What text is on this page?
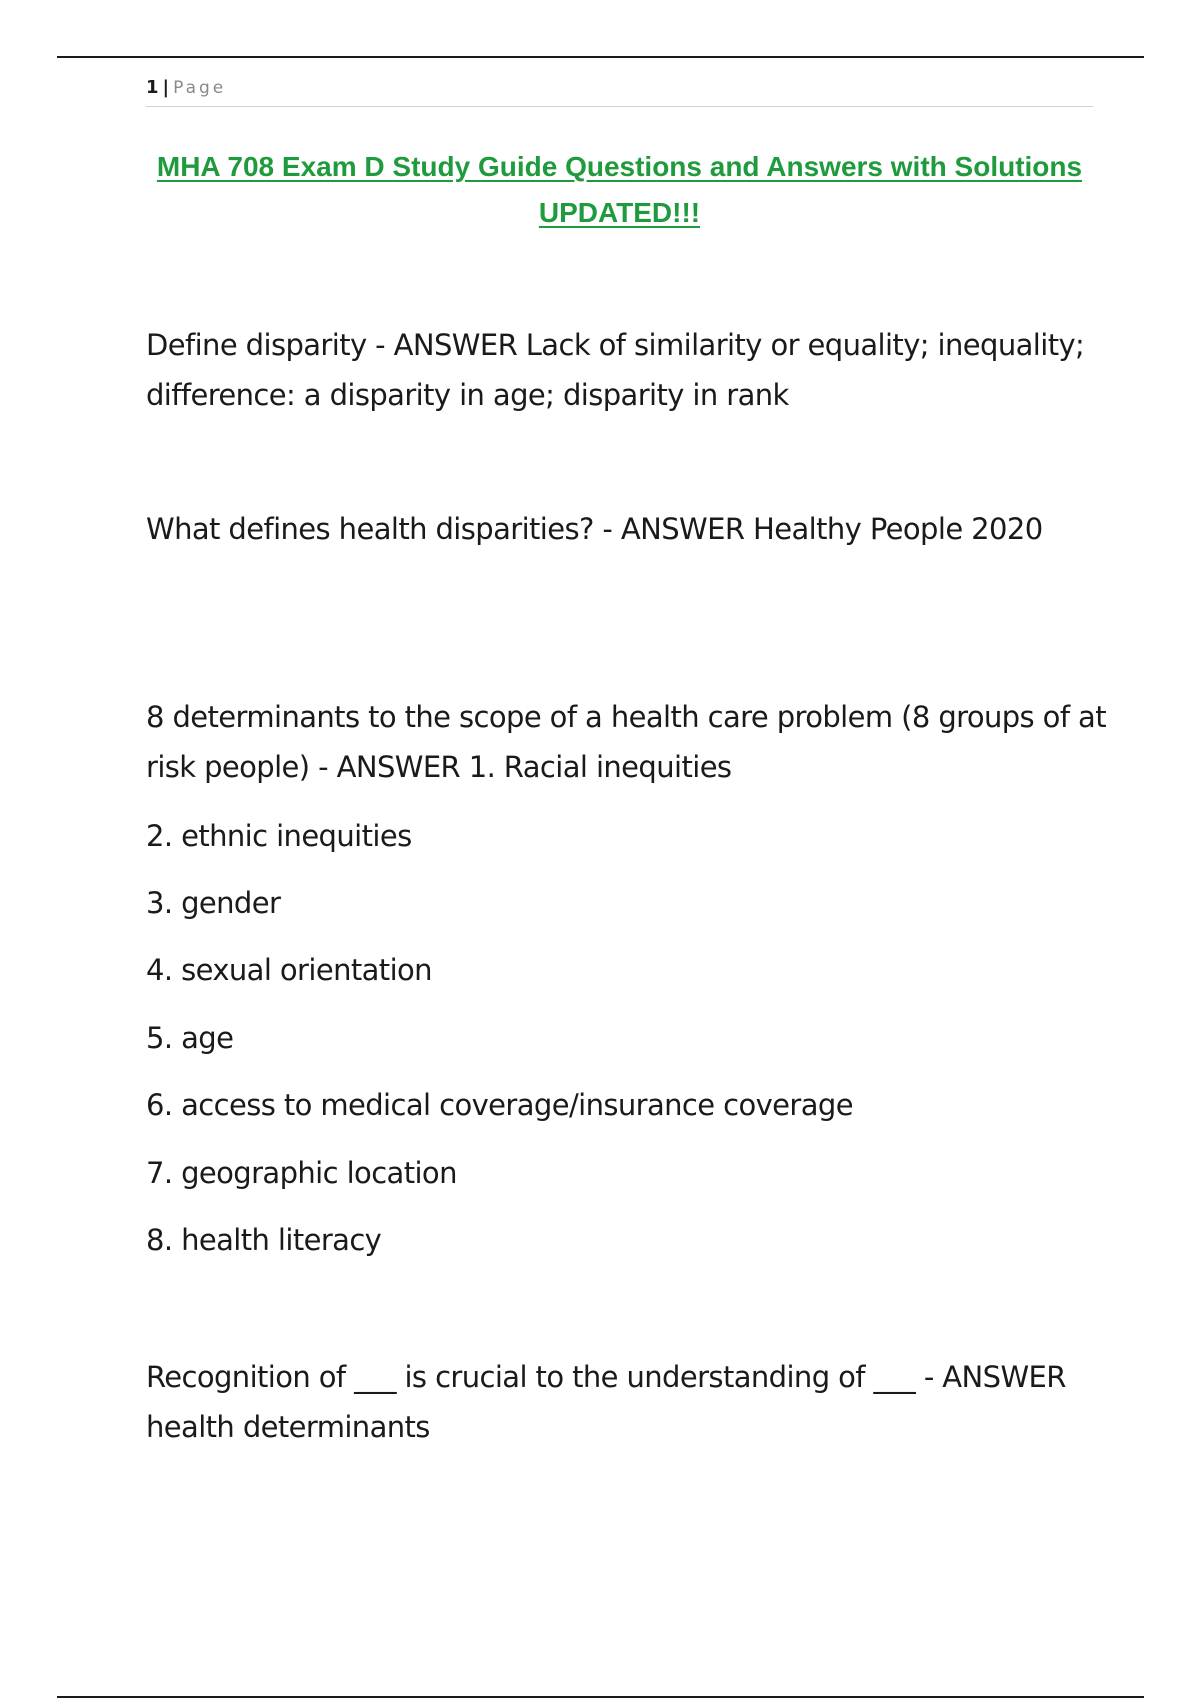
1 | Page
MHA 708 Exam D Study Guide Questions and Answers with Solutions UPDATED!!!

Define disparity - ANSWER Lack of similarity or equality; inequality; difference: a disparity in age; disparity in rank

What defines health disparities? - ANSWER Healthy People 2020

8 determinants to the scope of a health care problem (8 groups of at risk people) - ANSWER 1. Racial inequities

2. ethnic inequities

3. gender

4. sexual orientation

5. age

6. access to medical coverage/insurance coverage

7. geographic location

8. health literacy

Recognition of ___ is crucial to the understanding of ___ - ANSWER health determinants
